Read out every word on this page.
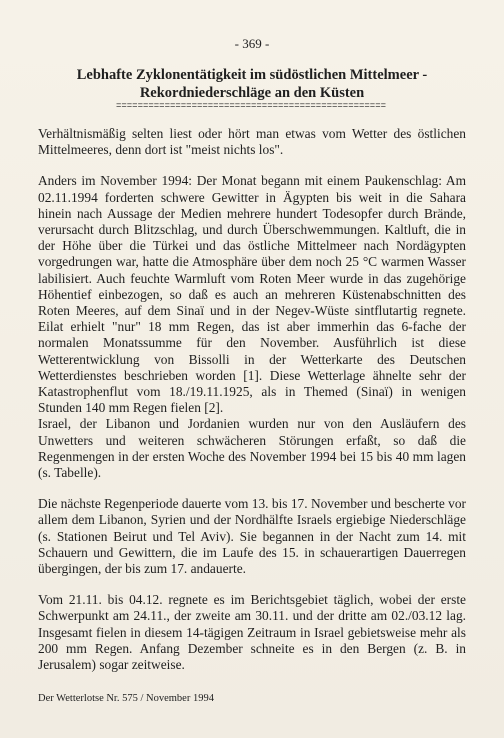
- 369 -
Lebhafte Zyklonentätigkeit im südöstlichen Mittelmeer -
Rekordniederschläge an den Küsten
==================================================

Verhältnismäßig selten liest oder hört man etwas vom Wetter des östlichen Mittelmeeres, denn dort ist "meist nichts los".

Anders im November 1994: Der Monat begann mit einem Paukenschlag: Am 02.11.1994 forderten schwere Gewitter in Ägypten bis weit in die Sahara hinein nach Aussage der Medien mehrere hundert Todesopfer durch Brände, verursacht durch Blitzschlag, und durch Überschwemmungen. Kaltluft, die in der Höhe über die Türkei und das östliche Mittelmeer nach Nordägypten vorgedrungen war, hatte die Atmosphäre über dem noch 25 °C warmen Wasser labilisiert. Auch feuchte Warmluft vom Roten Meer wurde in das zugehörige Höhentief einbezogen, so daß es auch an mehreren Küstenabschnitten des Roten Meeres, auf dem Sinaï und in der Negev-Wüste sintflutartig regnete. Eilat erhielt "nur" 18 mm Regen, das ist aber immerhin das 6-fache der normalen Monatssumme für den November. Ausführlich ist diese Wetterentwicklung von Bissolli in der Wetterkarte des Deutschen Wetterdienstes beschrieben worden [1]. Diese Wetterlage ähnelte sehr der Katastrophenflut vom 18./19.11.1925, als in Themed (Sinaï) in wenigen Stunden 140 mm Regen fielen [2].

Israel, der Libanon und Jordanien wurden nur von den Ausläufern des Unwetters und weiteren schwächeren Störungen erfaßt, so daß die Regenmengen in der ersten Woche des November 1994 bei 15 bis 40 mm lagen (s. Tabelle).

Die nächste Regenperiode dauerte vom 13. bis 17. November und bescherte vor allem dem Libanon, Syrien und der Nordhälfte Israels ergiebige Niederschläge (s. Stationen Beirut und Tel Aviv). Sie begannen in der Nacht zum 14. mit Schauern und Gewittern, die im Laufe des 15. in schauerartigen Dauerregen übergingen, der bis zum 17. andauerte.

Vom 21.11. bis 04.12. regnete es im Berichtsgebiet täglich, wobei der erste Schwerpunkt am 24.11., der zweite am 30.11. und der dritte am 02./03.12 lag. Insgesamt fielen in diesem 14-tägigen Zeitraum in Israel gebietsweise mehr als 200 mm Regen. Anfang Dezember schneite es in den Bergen (z. B. in Jerusalem) sogar zeitweise.

Der Wetterlotse Nr. 575 / November 1994
